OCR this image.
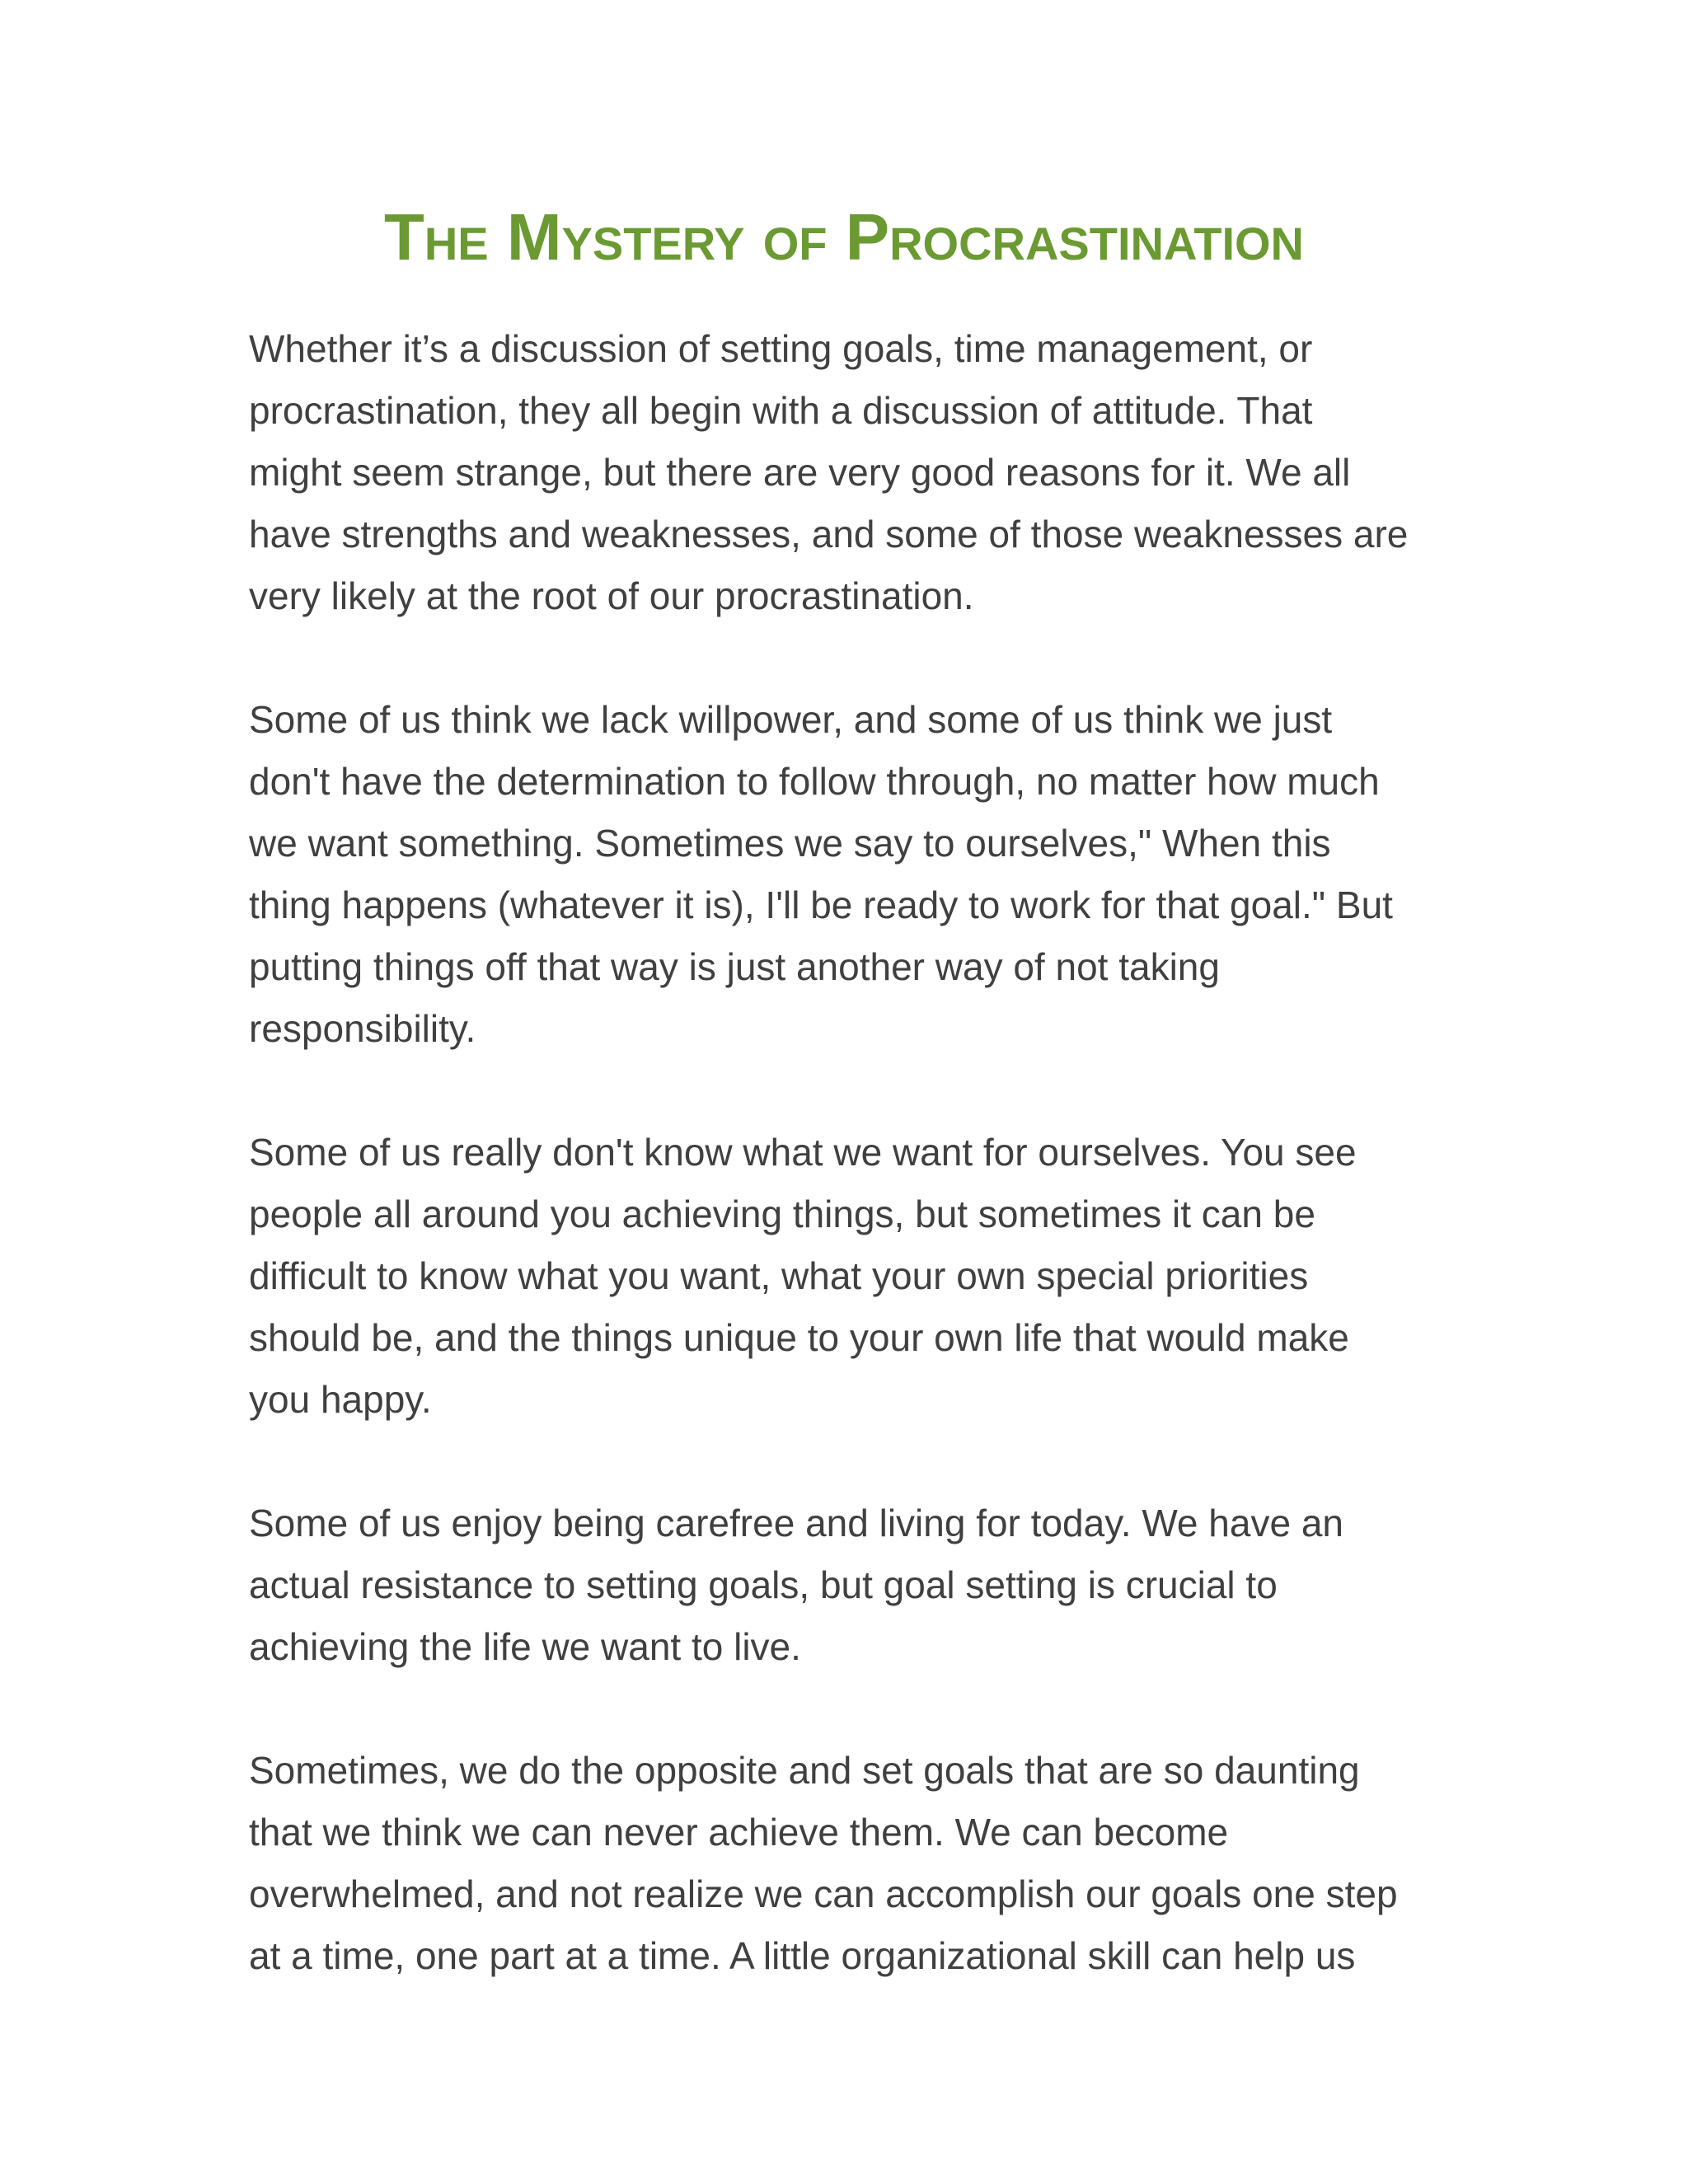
The Mystery of Procrastination

Whether it’s a discussion of setting goals, time management, or
procrastination, they all begin with a discussion of attitude. That
might seem strange, but there are very good reasons for it. We all
have strengths and weaknesses, and some of those weaknesses are
very likely at the root of our procrastination.

Some of us think we lack willpower, and some of us think we just
don't have the determination to follow through, no matter how much
we want something. Sometimes we say to ourselves," When this
thing happens (whatever it is), I'll be ready to work for that goal." But
putting things off that way is just another way of not taking
responsibility.

Some of us really don't know what we want for ourselves. You see
people all around you achieving things, but sometimes it can be
difficult to know what you want, what your own special priorities
should be, and the things unique to your own life that would make
you happy.

Some of us enjoy being carefree and living for today. We have an
actual resistance to setting goals, but goal setting is crucial to
achieving the life we want to live.

Sometimes, we do the opposite and set goals that are so daunting
that we think we can never achieve them. We can become
overwhelmed, and not realize we can accomplish our goals one step
at a time, one part at a time. A little organizational skill can help us
